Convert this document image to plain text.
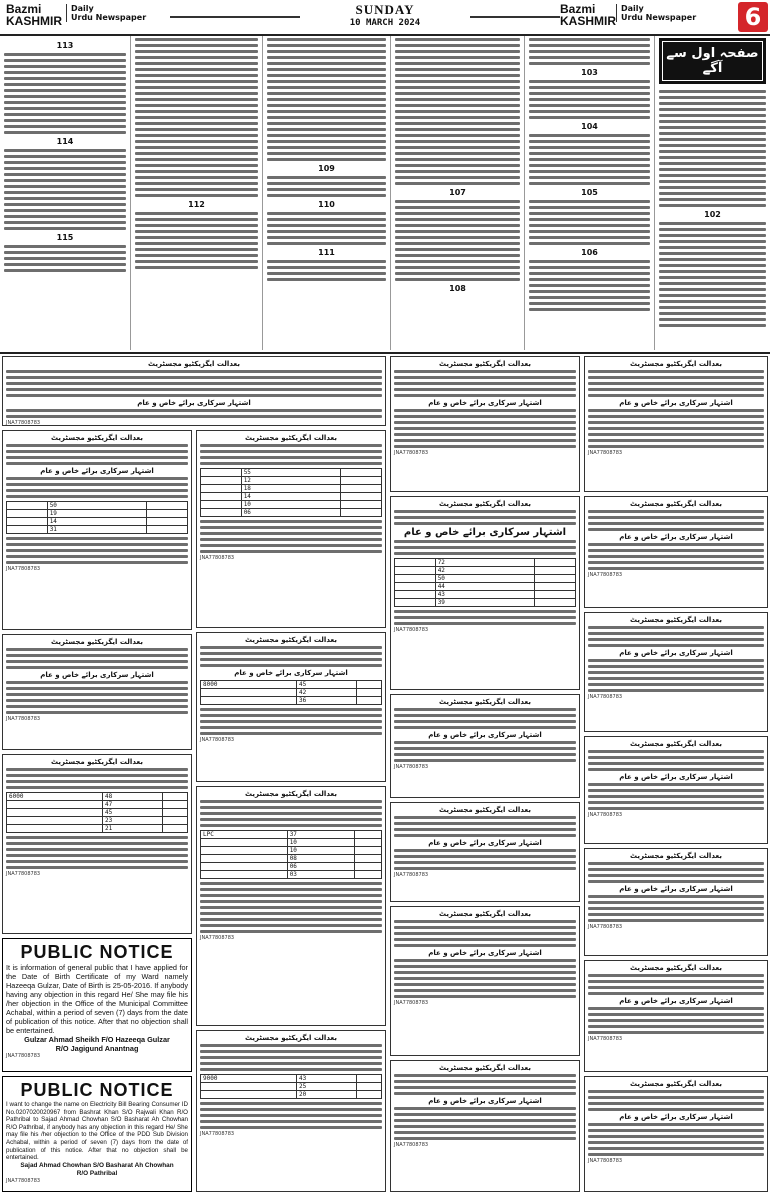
Bazmi
KASHMIR
Daily
Urdu Newspaper
SUNDAY
10 MARCH 2024
Bazmi
KASHMIR
Daily
Urdu Newspaper 6
صفحہ اول سے آگے
102
103
104
105
106
107
108
109
110
111
112
113
114
115
بعدالت ایگزیکٹیو مجسٹریٹ
اشتہار سرکاری برائے خاص و عام
JNA77808783
بعدالت ایگزیکٹیو مجسٹریٹ
اشتہار سرکاری برائے خاص و عام
	50	
	19	
	14	
	31	
JNA77808783
بعدالت ایگزیکٹیو مجسٹریٹ
اشتہار سرکاری برائے خاص و عام
JNA77808783
بعدالت ایگزیکٹیو مجسٹریٹ
6000	48	
	47	
	45	
	23	
	21	
JNA77808783
PUBLIC NOTICE
It is information of general public that I have applied for the Date of Birth Certificate of my Ward namely Hazeeqa Gulzar, Date of Birth is 25-05-2016. If anybody having any objection in this regard He/ She may file his /her objection in the Office of the Municipal Committee Achabal, within a period of seven (7) days from the date of publication of this notice. After that no objection shall be entertained.
Gulzar Ahmad Sheikh F/O Hazeeqa Gulzar
R/O Jagigund Anantnag
JNA77808783
PUBLIC NOTICE
I want to change the name on Electricity Bill Bearing Consumer ID No.0207020020967 from Bashrat Khan S/O Rajwali Khan R/O Pathribal to Sajad Ahmad Chowhan S/O Basharat Ah Chowhan R/O Pathribal, if anybody has any objection in this regard He/ She may file his /her objection to the Office of the PDD Sub Division Achabal, within a period of seven (7) days from the date of publication of this notice. After that no objection shall be entertained.
Sajad Ahmad Chowhan S/O Basharat Ah Chowhan
R/O Pathribal
JNA77808783
بعدالت ایگزیکٹیو مجسٹریٹ
	55	
	12	
	18	
	14	
	10	
	06	
JNA77808783
بعدالت ایگزیکٹیو مجسٹریٹ
اشتہار سرکاری برائے خاص و عام
8000	45	
	42	
	36	
JNA77808783
بعدالت ایگزیکٹیو مجسٹریٹ
LPC	37	
	10	
	10	
	08	
	06	
	03	
JNA77808783
بعدالت ایگزیکٹیو مجسٹریٹ
9000	43	
	25	
	20	
JNA77808783
بعدالت ایگزیکٹیو مجسٹریٹ
اشتہار سرکاری برائے خاص و عام
JNA77808783
بعدالت ایگزیکٹیو مجسٹریٹ
اشتہار سرکاری برائے خاص و عام
	72	
	42	
	50	
	44	
	43	
	39	
JNA77808783
بعدالت ایگزیکٹیو مجسٹریٹ
اشتہار سرکاری برائے خاص و عام
JNA77808783
بعدالت ایگزیکٹیو مجسٹریٹ
اشتہار سرکاری برائے خاص و عام
JNA77808783
بعدالت ایگزیکٹیو مجسٹریٹ
اشتہار سرکاری برائے خاص و عام
JNA77808783
بعدالت ایگزیکٹیو مجسٹریٹ
اشتہار سرکاری برائے خاص و عام
JNA77808783
بعدالت ایگزیکٹیو مجسٹریٹ
اشتہار سرکاری برائے خاص و عام
JNA77808783
بعدالت ایگزیکٹیو مجسٹریٹ
اشتہار سرکاری برائے خاص و عام
JNA77808783
بعدالت ایگزیکٹیو مجسٹریٹ
اشتہار سرکاری برائے خاص و عام
JNA77808783
بعدالت ایگزیکٹیو مجسٹریٹ
اشتہار سرکاری برائے خاص و عام
JNA77808783
بعدالت ایگزیکٹیو مجسٹریٹ
اشتہار سرکاری برائے خاص و عام
JNA77808783
بعدالت ایگزیکٹیو مجسٹریٹ
اشتہار سرکاری برائے خاص و عام
JNA77808783
بعدالت ایگزیکٹیو مجسٹریٹ
اشتہار سرکاری برائے خاص و عام
JNA77808783
